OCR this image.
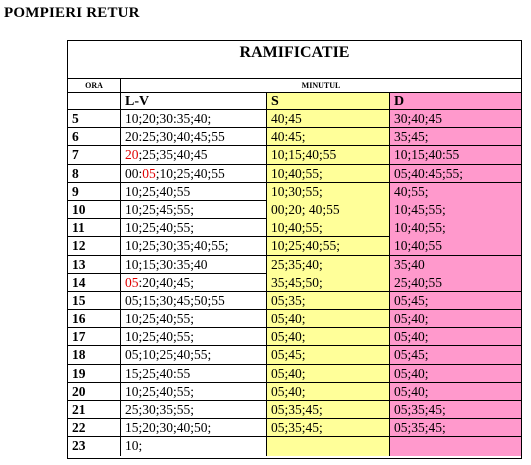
POMPIERI RETUR
RAMIFICATIE
ORA	MINUTUL
L-V	S	D
5	10;20;30:35;40;	40;45	30;40;45
6	20:25;30;40;45;55	40:45;	35;45;
7	20;25;35;40;45	10;15;40;55	10;15;40:55
8	00:05;10;25;40;55	10;40;55;	05;40:45;55;
9	10;25;40;55	10;30;55;	40;55;
10	10;25;45;55;	00;20; 40;55	10;45;55;
11	10;25;40;55;	10;40;55;	10;40;55;
12	10;25;30;35;40;55;	10;25;40;55;	10;40;55
13	10;15;30:35;40	25;35;40;	35;40
14	05:20;40;45;	35;45;50;	25;40;55
15	05;15;30;45;50;55	05;35;	05;45;
16	10;25;40;55;	05;40;	05;40;
17	10;25;40;55;	05;40;	05;40;
18	05;10;25;40;55;	05;45;	05;45;
19	15;25;40:55	05;40;	05;40;
20	10;25;40;55;	05;40;	05;40;
21	25;30;35;55;	05;35;45;	05;35;45;
22	15;20;30;40;50;	05;35;45;	05;35;45;
23	10;
